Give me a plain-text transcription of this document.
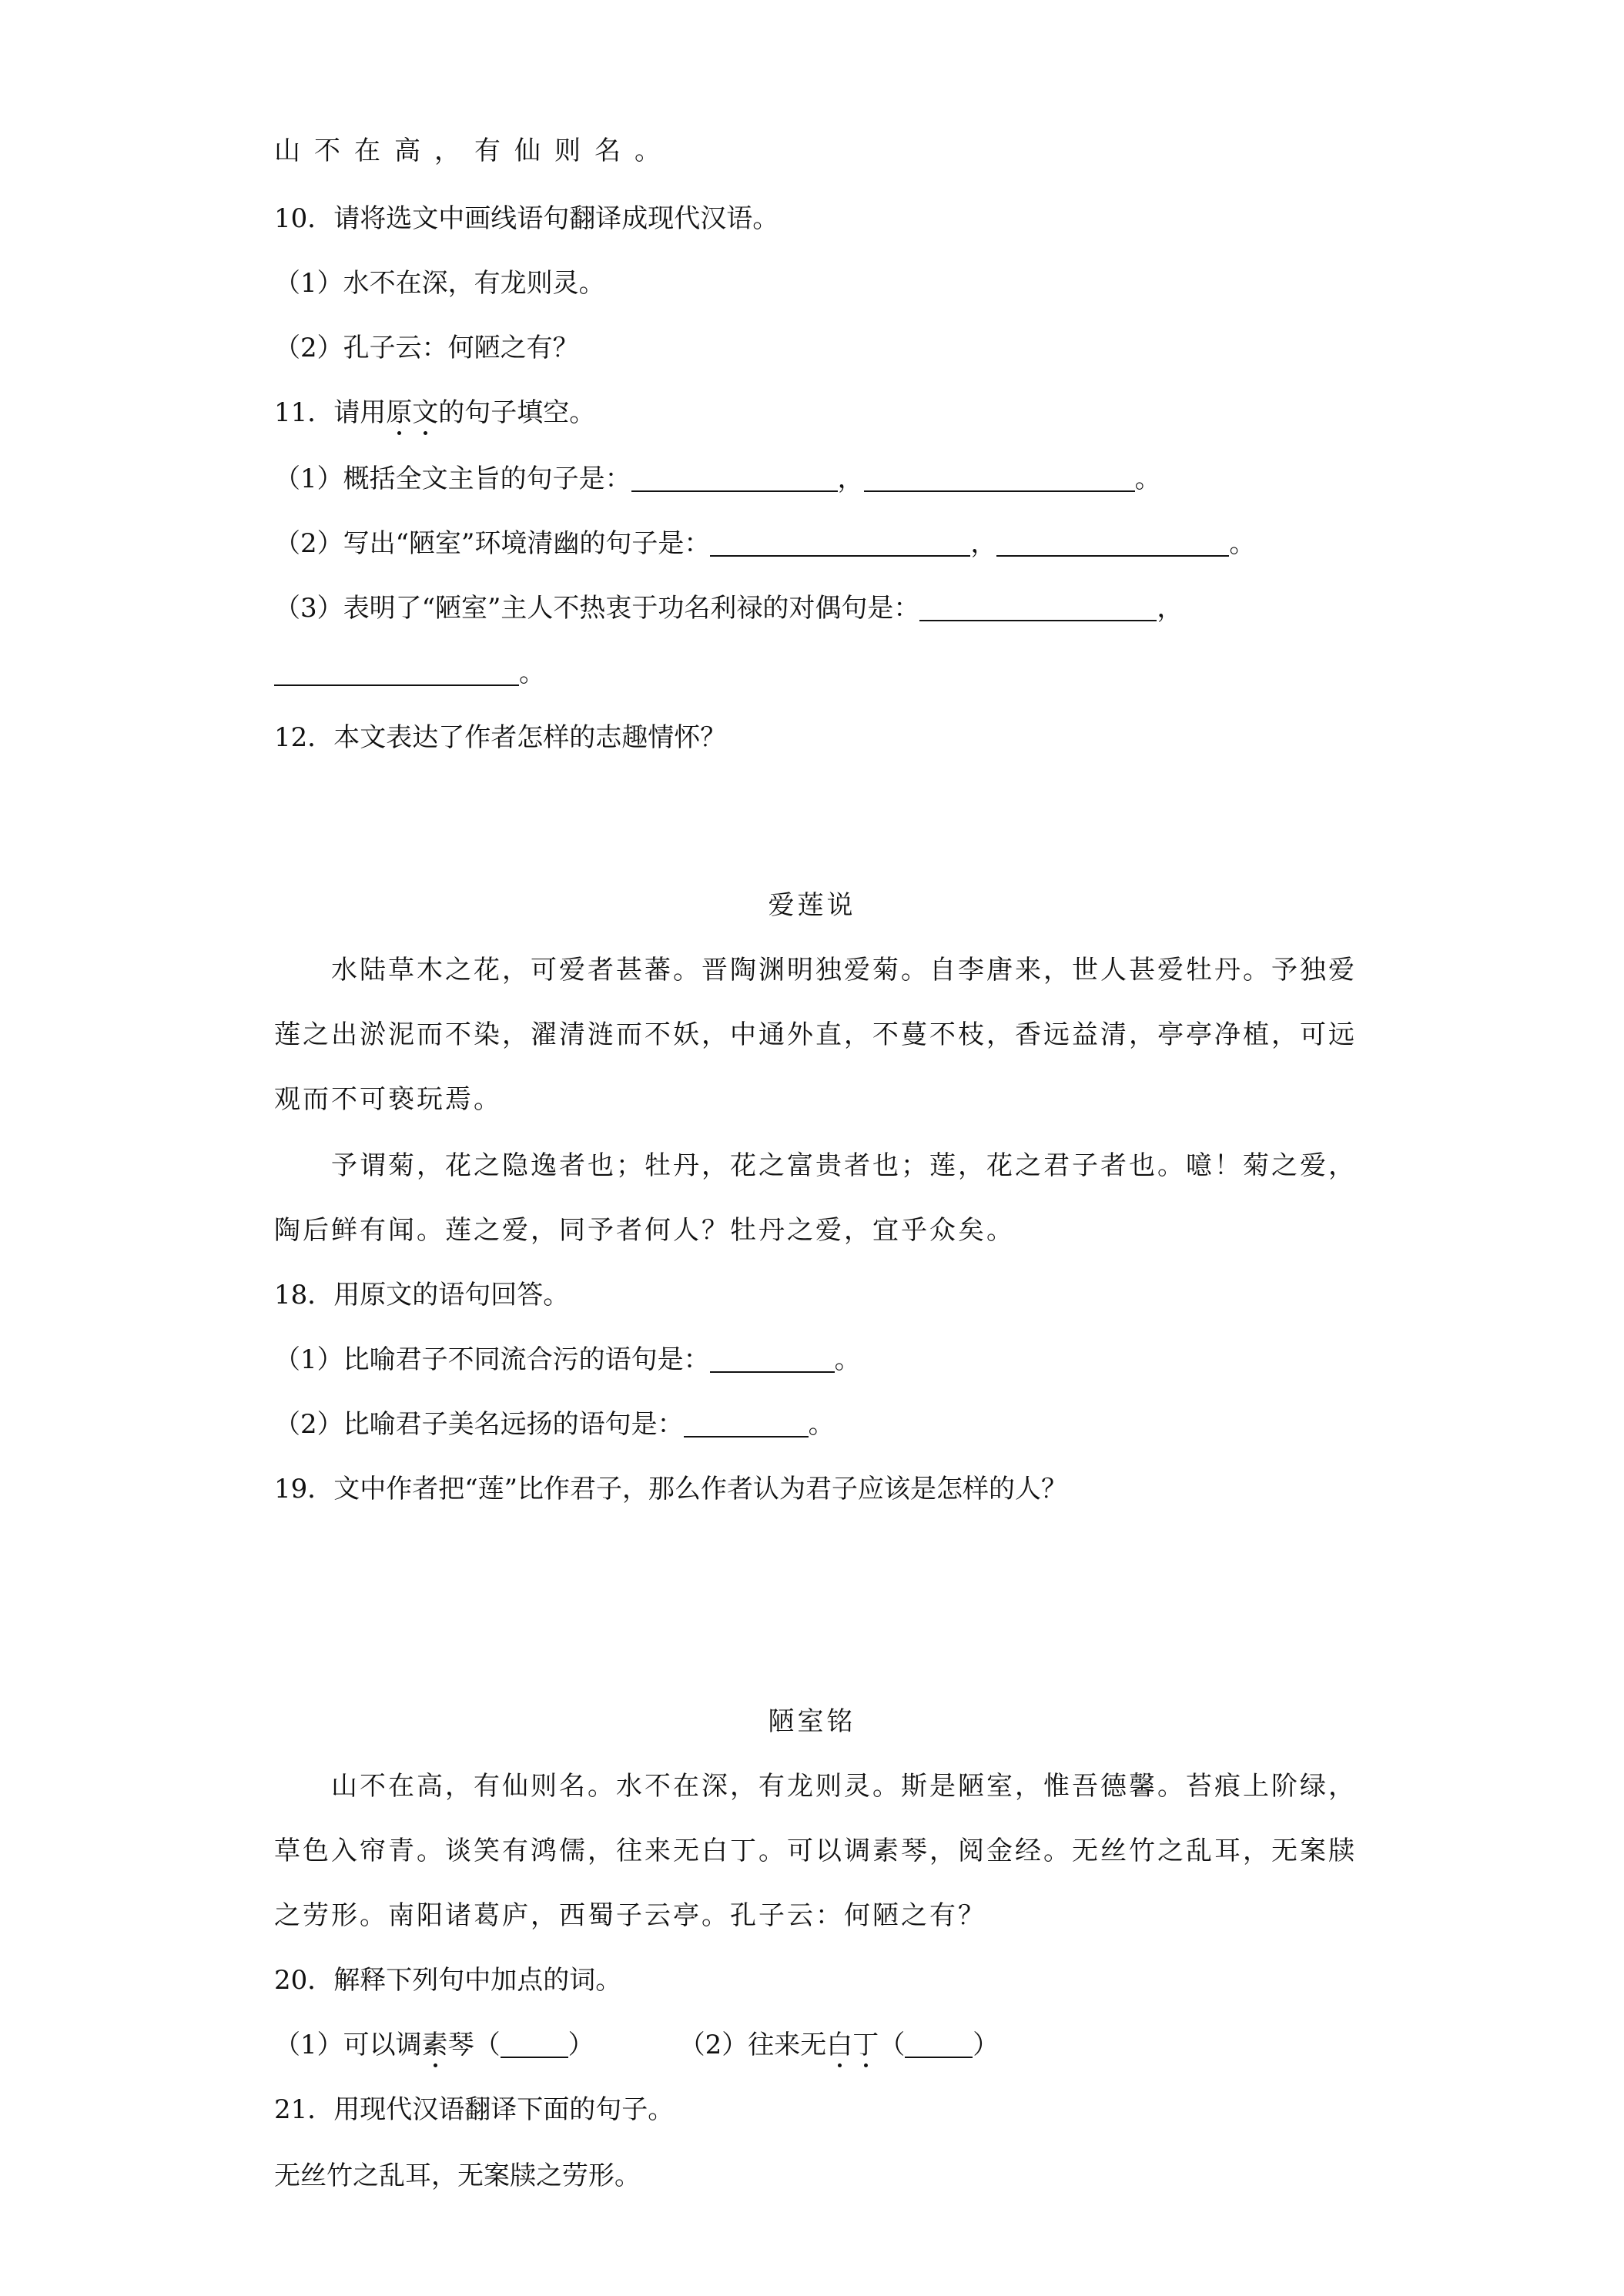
山不在高，有仙则名。
10．请将选文中画线语句翻译成现代汉语。
（1）水不在深，有龙则灵。
（2）孔子云：何陋之有？
11．请用原文的句子填空。
（1）概括全文主旨的句子是：	，	。
（2）写出“陋室”环境清幽的句子是：	，	。
（3）表明了“陋室”主人不热衷于功名利禄的对偶句是：	，
。
12．本文表达了作者怎样的志趣情怀？
爱莲说
水陆草木之花，可爱者甚蕃。晋陶渊明独爱菊。自李唐来，世人甚爱牡丹。予独爱
莲之出淤泥而不染，濯清涟而不妖，中通外直，不蔓不枝，香远益清，亭亭净植，可远
观而不可亵玩焉。
予谓菊，花之隐逸者也；牡丹，花之富贵者也；莲，花之君子者也。噫！菊之爱，
陶后鲜有闻。莲之爱，同予者何人？牡丹之爱，宜乎众矣。
18．用原文的语句回答。
（1）比喻君子不同流合污的语句是：	。
（2）比喻君子美名远扬的语句是：	。
19．文中作者把“莲”比作君子，那么作者认为君子应该是怎样的人？
陋室铭
山不在高，有仙则名。水不在深，有龙则灵。斯是陋室，惟吾德馨。苔痕上阶绿，
草色入帘青。谈笑有鸿儒，往来无白丁。可以调素琴，阅金经。无丝竹之乱耳，无案牍
之劳形。南阳诸葛庐，西蜀子云亭。孔子云：何陋之有？
20．解释下列句中加点的词。
（1）可以调素琴（	）	（2）往来无白丁（	）
21．用现代汉语翻译下面的句子。
无丝竹之乱耳，无案牍之劳形。
